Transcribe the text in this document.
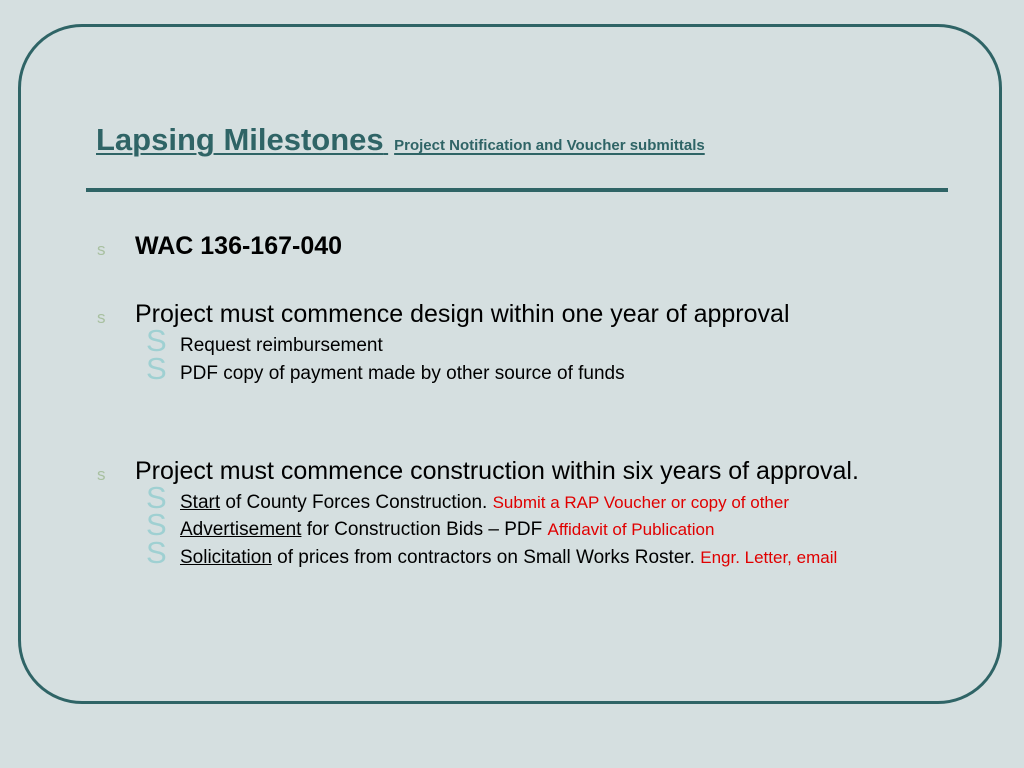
Lapsing Milestones Project Notification and Voucher submittals
s WAC 136-167-040
s Project must commence design within one year of approval
S Request reimbursement
S PDF copy of payment made by other source of funds
s Project must commence construction within six years of approval.
S Start of County Forces Construction. Submit a RAP Voucher or copy of other
S Advertisement for Construction Bids – PDF Affidavit of Publication
S Solicitation of prices from contractors on Small Works Roster. Engr. Letter, email
